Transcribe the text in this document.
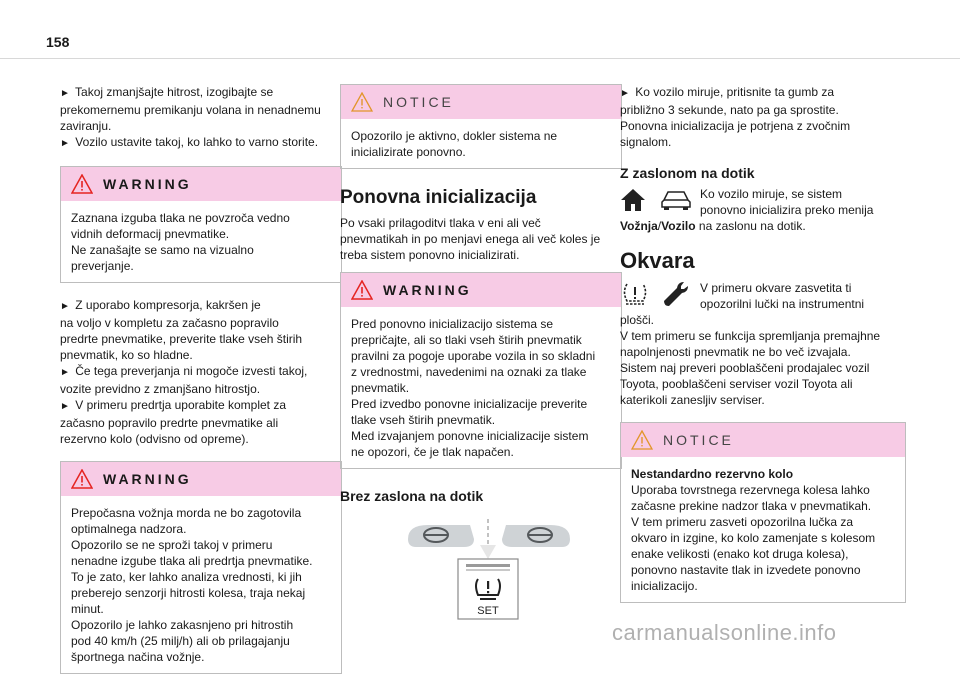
158

► Takoj zmanjšajte hitrost, izogibajte se prekomernemu premikanju volana in nenadnemu zaviranju.

► Vozilo ustavite takoj, ko lahko to varno storite.

WARNING
Zaznana izguba tlaka ne povzroča vedno
vidnih deformacij pnevmatike.
Ne zanašajte se samo na vizualno
preverjanje.
► Z uporabo kompresorja, kakršen je
na voljo v kompletu za začasno popravilo
predrte pnevmatike, preverite tlake vseh štirih
pnevmatik, ko so hladne.
► Če tega preverjanja ni mogoče izvesti takoj,
vozite previdno z zmanjšano hitrostjo.
► V primeru predrtja uporabite komplet za
začasno popravilo predrte pnevmatike ali
rezervno kolo (odvisno od opreme).
WARNING
Prepočasna vožnja morda ne bo zagotovila
optimalnega nadzora.
Opozorilo se ne sproži takoj v primeru
nenadne izgube tlaka ali predrtja pnevmatike.
To je zato, ker lahko analiza vrednosti, ki jih
preberejo senzorji hitrosti kolesa, traja nekaj
minut.
Opozorilo je lahko zakasnjeno pri hitrostih
pod 40 km/h (25 milj/h) ali ob prilagajanju
športnega načina vožnje.
NOTICE
Opozorilo je aktivno, dokler sistema ne
inicializirate ponovno.
Ponovna inicializacija
Po vsaki prilagoditvi tlaka v eni ali več
pnevmatikah in po menjavi enega ali več koles je
treba sistem ponovno inicializirati.
WARNING
Pred ponovno inicializacijo sistema se
prepričajte, ali so tlaki vseh štirih pnevmatik
pravilni za pogoje uporabe vozila in so skladni
z vrednostmi, navedenimi na oznaki za tlake
pnevmatik.
Pred izvedbo ponovne inicializacije preverite
tlake vseh štirih pnevmatik.
Med izvajanjem ponovne inicializacije sistem
ne opozori, če je tlak napačen.
Brez zaslona na dotik
SET
► Ko vozilo miruje, pritisnite ta gumb za
približno 3 sekunde, nato pa ga sprostite.
Ponovna inicializacija je potrjena z zvočnim
signalom.
Z zaslonom na dotik
Ko vozilo miruje, se sistem
ponovno inicializira preko menija
Vožnja/Vozilo na zaslonu na dotik.
Okvara
V primeru okvare zasvetita ti
opozorilni lučki na instrumentni
plošči.
V tem primeru se funkcija spremljanja premajhne
napolnjenosti pnevmatik ne bo več izvajala.
Sistem naj preveri pooblaščeni prodajalec vozil
Toyota, pooblaščeni serviser vozil Toyota ali
katerikoli zanesljiv serviser.
NOTICE
Nestandardno rezervno kolo
Uporaba tovrstnega rezervnega kolesa lahko
začasne prekine nadzor tlaka v pnevmatikah.
V tem primeru zasveti opozorilna lučka za
okvaro in izgine, ko kolo zamenjate s kolesom
enake velikosti (enako kot druga kolesa),
ponovno nastavite tlak in izvedete ponovno
inicializacijo.
carmanualsonline.info
